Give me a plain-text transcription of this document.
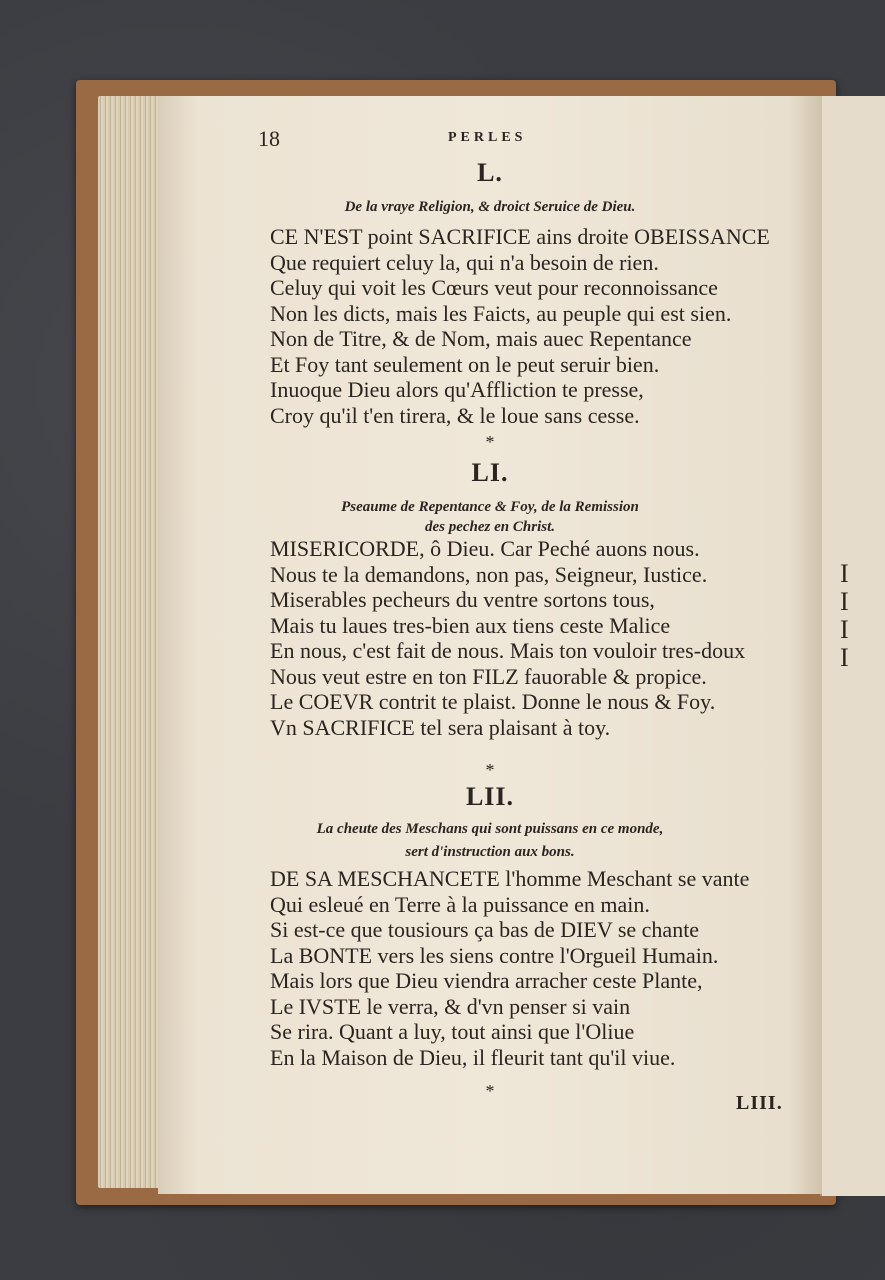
I
I
I
I
18	PERLES
L.
De la vraye Religion, & droict Seruice de Dieu.
CE N'EST point SACRIFICE ains droite OBEISSANCE
Que requiert celuy la, qui n'a besoin de rien.
Celuy qui voit les Cœurs veut pour reconnoissance
Non les dicts, mais les Faicts, au peuple qui est sien.
Non de Titre, & de Nom, mais auec Repentance
Et Foy tant seulement on le peut seruir bien.
Inuoque Dieu alors qu'Affliction te presse,
Croy qu'il t'en tirera, & le loue sans cesse.
*
LI.
Pseaume de Repentance & Foy, de la Remission
des pechez en Christ.
MISERICORDE, ô Dieu. Car Peché auons nous.
Nous te la demandons, non pas, Seigneur, Iustice.
Miserables pecheurs du ventre sortons tous,
Mais tu laues tres-bien aux tiens ceste Malice
En nous, c'est fait de nous. Mais ton vouloir tres-doux
Nous veut estre en ton FILZ fauorable & propice.
Le COEVR contrit te plaist. Donne le nous & Foy.
Vn SACRIFICE tel sera plaisant à toy.
*
LII.
La cheute des Meschans qui sont puissans en ce monde,
sert d'instruction aux bons.
DE SA MESCHANCETE l'homme Meschant se vante
Qui esleué en Terre à la puissance en main.
Si est-ce que tousiours ça bas de DIEV se chante
La BONTE vers les siens contre l'Orgueil Humain.
Mais lors que Dieu viendra arracher ceste Plante,
Le IVSTE le verra, & d'vn penser si vain
Se rira. Quant a luy, tout ainsi que l'Oliue
En la Maison de Dieu, il fleurit tant qu'il viue.
*
LIII.
